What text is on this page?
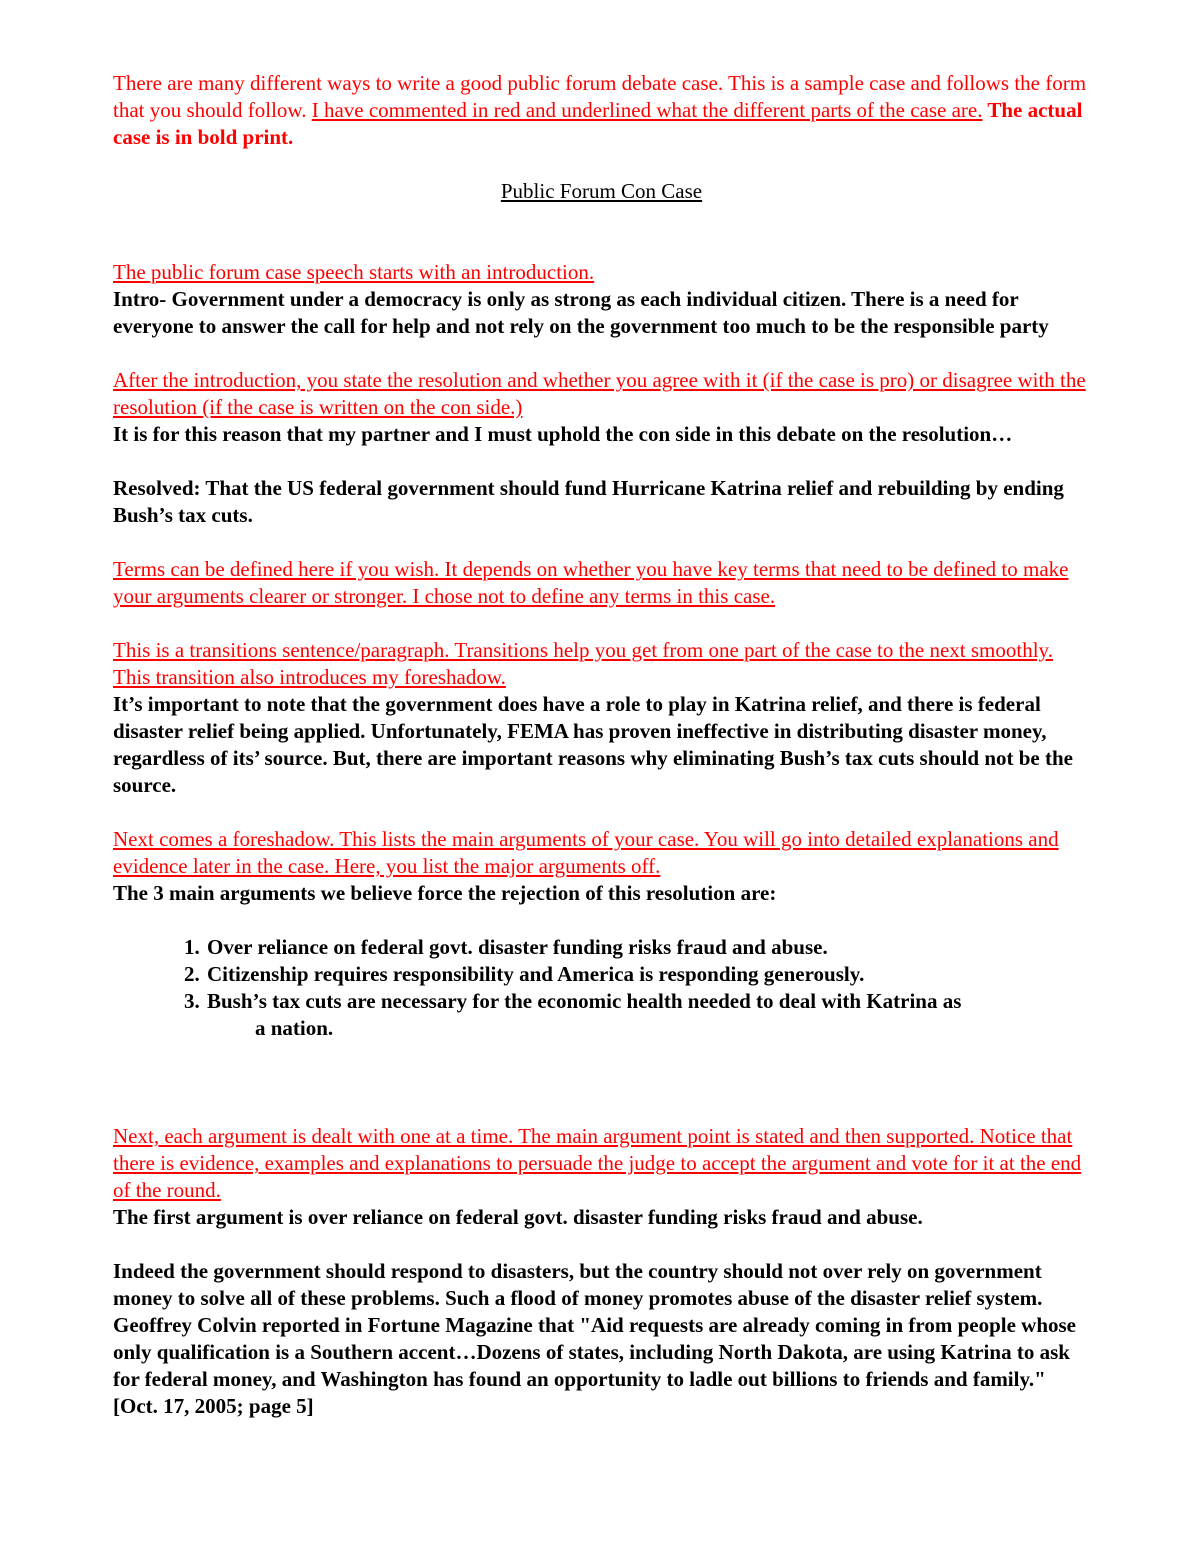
There are many different ways to write a good public forum debate case. This is a sample case and follows the form that you should follow. I have commented in red and underlined what the different parts of the case are. The actual case is in bold print.

Public Forum Con Case

The public forum case speech starts with an introduction.

Intro- Government under a democracy is only as strong as each individual citizen. There is a need for everyone to answer the call for help and not rely on the government too much to be the responsible party

After the introduction, you state the resolution and whether you agree with it (if the case is pro) or disagree with the resolution (if the case is written on the con side.)

It is for this reason that my partner and I must uphold the con side in this debate on the resolution…

Resolved: That the US federal government should fund Hurricane Katrina relief and rebuilding by ending Bush’s tax cuts.

Terms can be defined here if you wish. It depends on whether you have key terms that need to be defined to make your arguments clearer or stronger. I chose not to define any terms in this case.

This is a transitions sentence/paragraph. Transitions help you get from one part of the case to the next smoothly. This transition also introduces my foreshadow.

It’s important to note that the government does have a role to play in Katrina relief, and there is federal disaster relief being applied. Unfortunately, FEMA has proven ineffective in distributing disaster money, regardless of its’ source. But, there are important reasons why eliminating Bush’s tax cuts should not be the source.

Next comes a foreshadow. This lists the main arguments of your case. You will go into detailed explanations and evidence later in the case. Here, you list the major arguments off.

The 3 main arguments we believe force the rejection of this resolution are:

1. Over reliance on federal govt. disaster funding risks fraud and abuse.
2. Citizenship requires responsibility and America is responding generously.
3. Bush’s tax cuts are necessary for the economic health needed to deal with Katrina as
a nation.

Next, each argument is dealt with one at a time. The main argument point is stated and then supported. Notice that there is evidence, examples and explanations to persuade the judge to accept the argument and vote for it at the end of the round.

The first argument is over reliance on federal govt. disaster funding risks fraud and abuse.

Indeed the government should respond to disasters, but the country should not over rely on government money to solve all of these problems. Such a flood of money promotes abuse of the disaster relief system. Geoffrey Colvin reported in Fortune Magazine that "Aid requests are already coming in from people whose only qualification is a Southern accent…Dozens of states, including North Dakota, are using Katrina to ask for federal money, and Washington has found an opportunity to ladle out billions to friends and family." [Oct. 17, 2005; page 5]
